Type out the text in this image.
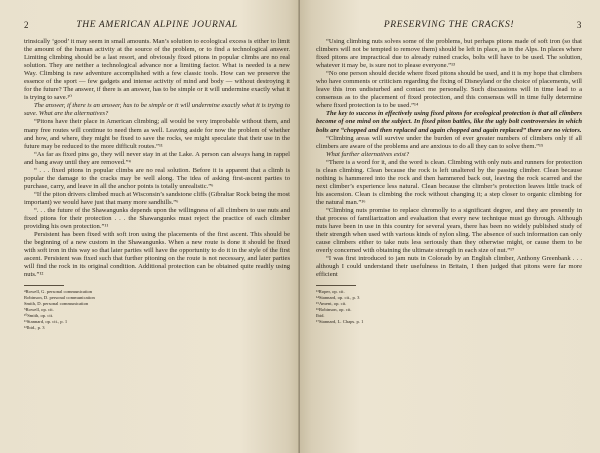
2	THE AMERICAN ALPINE JOURNAL

trinsically ‘good’ it may seem in small amounts. Man’s solution to ecological excess is either to limit the amount of the human activity at the source of the problem, or to find a technological answer. Limiting climbing should be a last resort, and obviously fixed pitons in popular climbs are no real solution. They are neither a technological advance nor a limiting factor. What is needed is a new Way. Climbing is raw adventure accomplished with a few classic tools. How can we preserve the essence of the sport — few gadgets and intense activity of mind and body — without destroying it for the future? The answer, if there is an answer, has to be simple or it will undermine exactly what it is trying to save.¹⁰

The answer, if there is an answer, has to be simple or it will undermine exactly what it is trying to save. What are the alternatives?

“Pitons have their place in American climbing; all would be very improbable without them, and many free routes will continue to need them as well. Leaving aside for now the problem of whether and how, and where, they might be fixed to save the rocks, we might speculate that their use in the future may be reduced to the more difficult routes.”¹¹

“As far as fixed pins go, they will never stay in at the Lake. A person can always hang in rappel and bang away until they are removed.”⁴

“ . . . fixed pitons in popular climbs are no real solution. Before it is apparent that a climb is popular the damage to the cracks may be well along. The idea of asking first-ascent parties to purchase, carry, and leave in all the anchor points is totally unrealistic.”⁶

“If the piton drivers climbed much at Wisconsin’s sandstone cliffs (Gibraltar Rock being the most important) we would have just that many more sandhills.”⁶

“. . . the future of the Shawangunks depends upon the willingness of all climbers to use nuts and fixed pitons for their protection . . . the Shawangunks must reject the practice of each climber providing his own protection.”¹¹

Persistent has been fixed with soft iron using the placements of the first ascent. This should be the beginning of a new custom in the Shawangunks. When a new route is done it should be fixed with soft iron in this way so that later parties will have the opportunity to do it in the style of the first ascent. Persistent was fixed such that further pitoning on the route is not necessary, and later parties will find the rock in its original condition. Additional protection can be obtained quite readily using nuts.”¹²

⁴Rowell, G. personal communication
Robinson, D. personal communication
Smith, D. personal communication
⁵Rowell, op. cit.
¹⁰Smith, op. cit.
¹¹Stannard, op. cit., p. 1
¹²Ibid., p. 3
PRESERVING THE CRACKS!	3

“Using climbing nuts solves some of the problems, but perhaps pitons made of soft iron (so that climbers will not be tempted to remove them) should be left in place, as in the Alps. In places where fixed pitons are impractical due to already ruined cracks, bolts will have to be used. The solution, whatever it may be, is sure not to please everyone.”¹³

“No one person should decide where fixed pitons should be used, and it is my hope that climbers who have comments or criticism regarding the fixing of Disneyland or the choice of placements, will leave this iron undisturbed and contact me personally. Such discussions will in time lead to a consensus as to the placement of fixed protection, and this consensus will in time fully determine where fixed protection is to be used.”¹⁴

The key to success in effectively using fixed pitons for ecological protection is that all climbers become of one mind on the subject. In fixed piton battles, like the ugly bolt controversies in which bolts are “chopped and then replaced and again chopped and again replaced” there are no victors.

“Climbing areas will survive under the burden of ever greater numbers of climbers only if all climbers are aware of the problems and are anxious to do all they can to solve them.”¹⁵

What further alternatives exist?

“There is a word for it, and the word is clean. Climbing with only nuts and runners for protection is clean climbing. Clean because the rock is left unaltered by the passing climber. Clean because nothing is hammered into the rock and then hammered back out, leaving the rock scarred and the next climber’s experience less natural. Clean because the climber’s protection leaves little track of his ascension. Clean is climbing the rock without changing it; a step closer to organic climbing for the natural man.”¹⁶

“Climbing nuts promise to replace chromolly to a significant degree, and they are presently in that process of familiarization and evaluation that every new technique must go through. Although nuts have been in use in this country for several years, there has been no widely published study of their strength when used with various kinds of nylon sling. The absence of such information can only cause climbers either to take nuts less seriously than they otherwise might, or cause them to be overly concerned with obtaining the ultimate strength in each size of nut.”¹⁷

“I was first introduced to jam nuts in Colorado by an English climber, Anthony Greenbank . . . although I could understand their usefulness in Britain, I then judged that pitons were far more efficient

¹³Roper, op. cit.
¹⁴Stannard, op. cit., p. 3
¹⁵Ament, op. cit.
¹⁶Robinson, op. cit.
Ibid.
¹⁷Stannard, L. Chaps. p. 1
